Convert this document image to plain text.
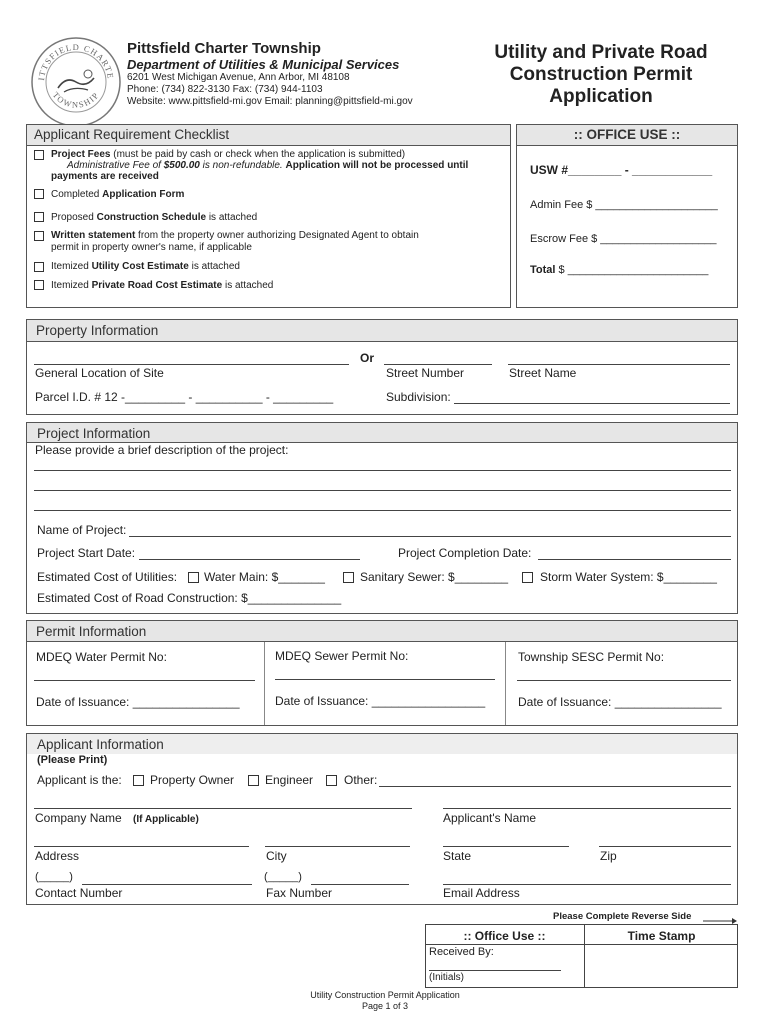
ITTSFIELD CHARTE
TOWNSHIP
Pittsfield Charter Township
Department of Utilities & Municipal Services
6201 West Michigan Avenue, Ann Arbor, MI 48108
Phone: (734) 822-3130 Fax: (734) 944-1103
Website: www.pittsfield-mi.gov Email: planning@pittsfield-mi.gov
Utility and Private Road
Construction Permit
Application
Applicant Requirement Checklist
Project Fees (must be paid by cash or check when the application is submitted)
Administrative Fee of $500.00 is non-refundable. Application will not be processed until
payments are received
Completed Application Form
Proposed Construction Schedule is attached
Written statement from the property owner authorizing Designated Agent to obtain
permit in property owner's name, if applicable
Itemized Utility Cost Estimate is attached
Itemized Private Road Cost Estimate is attached
:: OFFICE USE ::
USW #________ - ____________
Admin Fee $ ____________________
Escrow Fee $ ___________________
Total $ _______________________
Property Information
Or
General Location of Site	Street Number	Street Name
Parcel I.D. # 12 -_________ - __________ - _________	Subdivision:
Project Information
Please provide a brief description of the project:
Name of Project:
Project Start Date:	Project Completion Date:
Estimated Cost of Utilities: Water Main: $_______	Sanitary Sewer: $________	Storm Water System: $________
Estimated Cost of Road Construction: $______________
Permit Information
MDEQ Water Permit No:	MDEQ Sewer Permit No:	Township SESC Permit No:
Date of Issuance: ________________	Date of Issuance: _________________	Date of Issuance: ________________
Applicant Information
(Please Print)
Applicant is the: Property Owner	Engineer	Other:
Company Name (If Applicable)	Applicant's Name
Address	City	State	Zip
(_____)	(_____)
Contact Number	Fax Number	Email Address
Please Complete Reverse Side
:: Office Use ::	Time Stamp
Received By:
(Initials)
Utility Construction Permit Application
Page 1 of 3
